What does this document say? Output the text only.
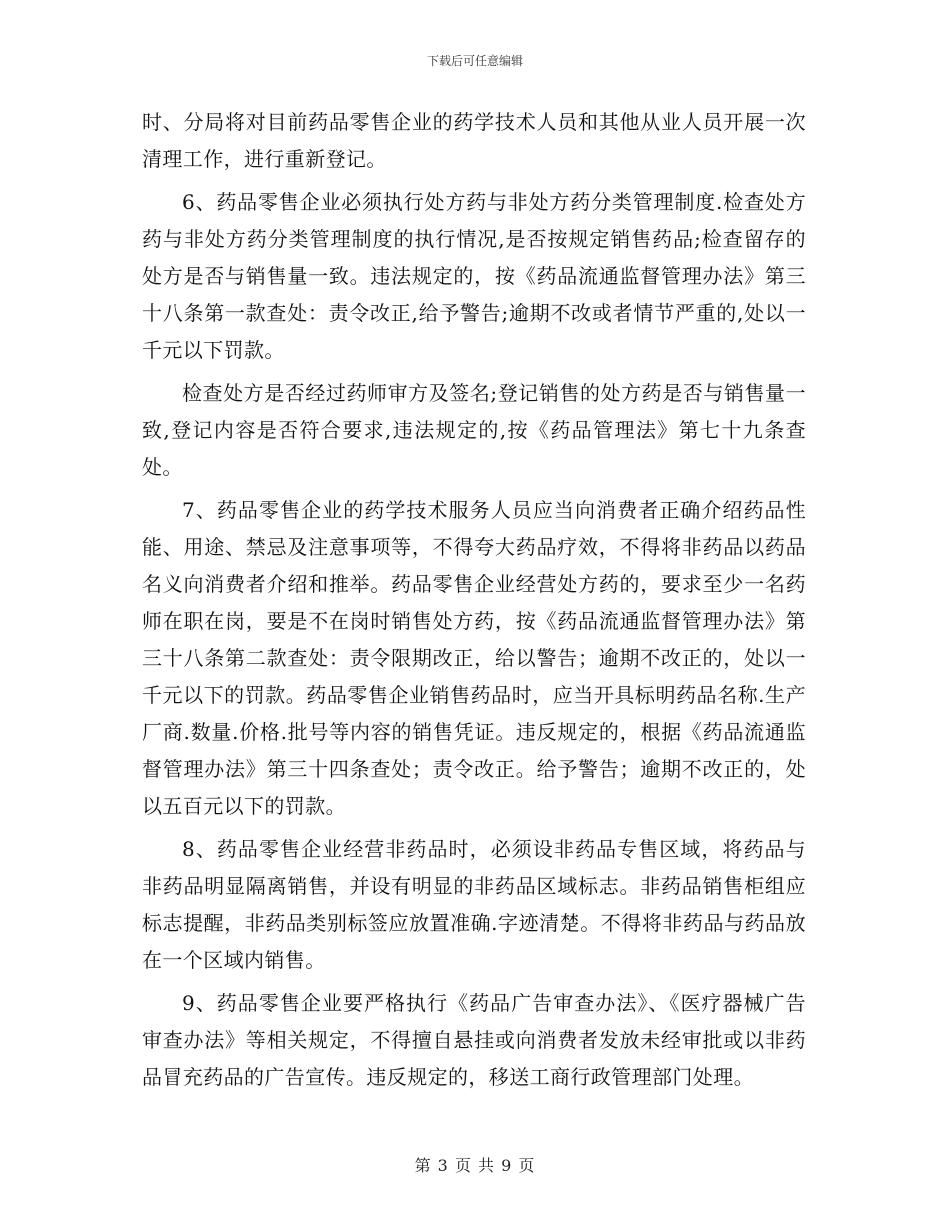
下载后可任意编辑

时、分局将对目前药品零售企业的药学技术人员和其他从业人员开展一次清理工作，进行重新登记。

6、药品零售企业必须执行处方药与非处方药分类管理制度.检查处方药与非处方药分类管理制度的执行情况,是否按规定销售药品;检查留存的处方是否与销售量一致。违法规定的，按《药品流通监督管理办法》第三十八条第一款查处：责令改正,给予警告;逾期不改或者情节严重的,处以一千元以下罚款。

检查处方是否经过药师审方及签名;登记销售的处方药是否与销售量一致,登记内容是否符合要求,违法规定的,按《药品管理法》第七十九条查处。

7、药品零售企业的药学技术服务人员应当向消费者正确介绍药品性能、用途、禁忌及注意事项等，不得夸大药品疗效，不得将非药品以药品名义向消费者介绍和推举。药品零售企业经营处方药的，要求至少一名药师在职在岗，要是不在岗时销售处方药，按《药品流通监督管理办法》第三十八条第二款查处：责令限期改正，给以警告；逾期不改正的，处以一千元以下的罚款。药品零售企业销售药品时，应当开具标明药品名称.生产厂商.数量.价格.批号等内容的销售凭证。违反规定的，根据《药品流通监督管理办法》第三十四条查处；责令改正。给予警告；逾期不改正的，处以五百元以下的罚款。

8、药品零售企业经营非药品时，必须设非药品专售区域，将药品与非药品明显隔离销售，并设有明显的非药品区域标志。非药品销售柜组应标志提醒，非药品类别标签应放置准确.字迹清楚。不得将非药品与药品放在一个区域内销售。

9、药品零售企业要严格执行《药品广告审查办法》、《医疗器械广告审查办法》等相关规定，不得擅自悬挂或向消费者发放未经审批或以非药品冒充药品的广告宣传。违反规定的，移送工商行政管理部门处理。

第 3 页 共 9 页
